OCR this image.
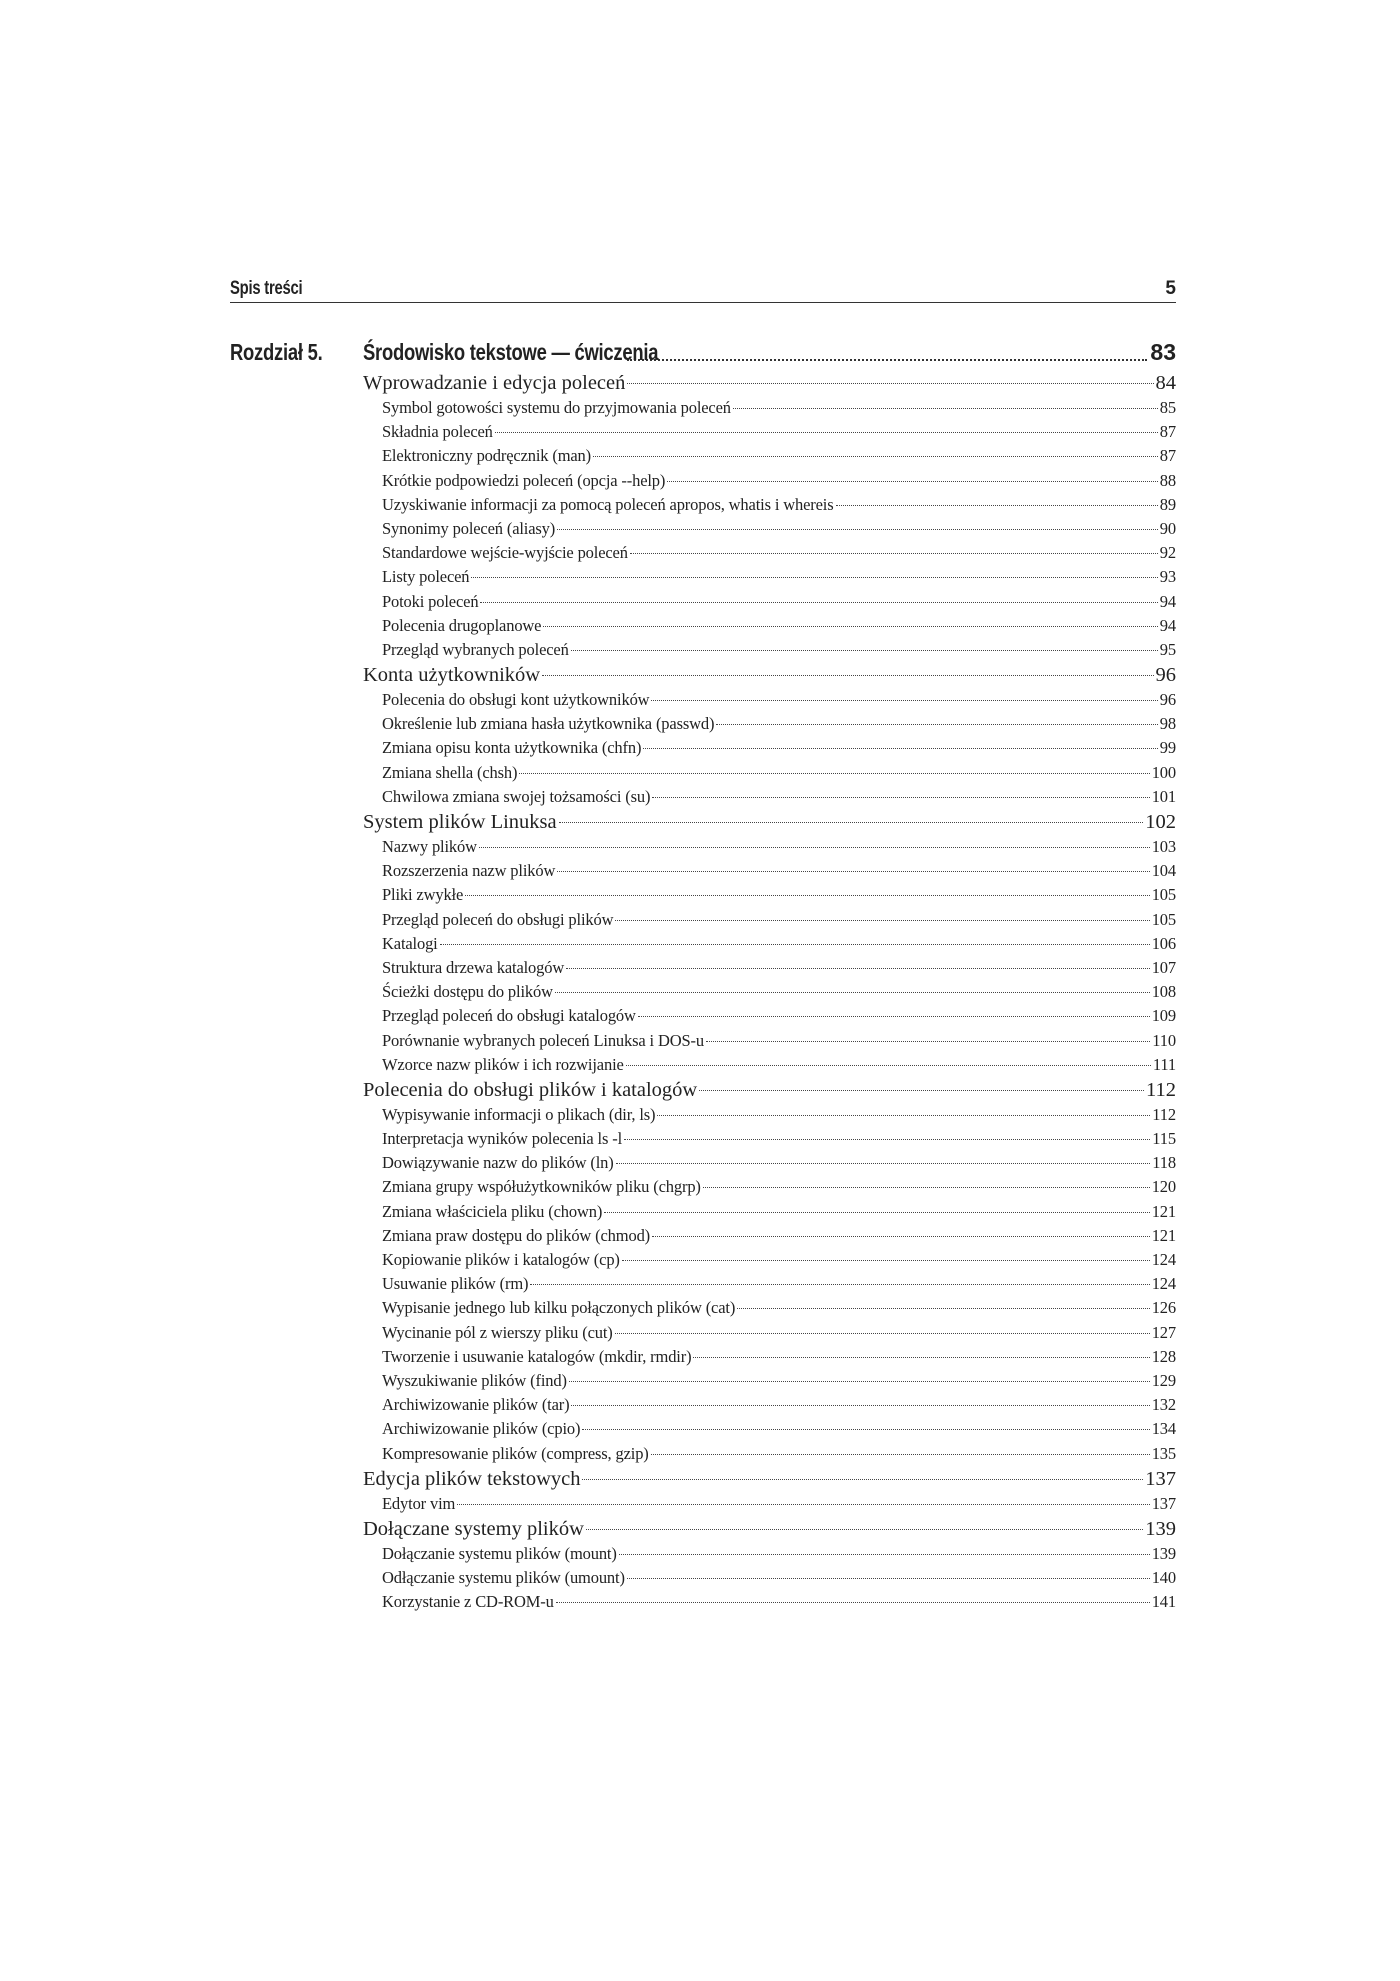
Spis treści	5
Rozdział 5.	Środowisko tekstowe — ćwiczenia	83
Wprowadzanie i edycja poleceń	84
Symbol gotowości systemu do przyjmowania poleceń	85
Składnia poleceń	87
Elektroniczny podręcznik (man)	87
Krótkie podpowiedzi poleceń (opcja --help)	88
Uzyskiwanie informacji za pomocą poleceń apropos, whatis i whereis	89
Synonimy poleceń (aliasy)	90
Standardowe wejście-wyjście poleceń	92
Listy poleceń	93
Potoki poleceń	94
Polecenia drugoplanowe	94
Przegląd wybranych poleceń	95
Konta użytkowników	96
Polecenia do obsługi kont użytkowników	96
Określenie lub zmiana hasła użytkownika (passwd)	98
Zmiana opisu konta użytkownika (chfn)	99
Zmiana shella (chsh)	100
Chwilowa zmiana swojej tożsamości (su)	101
System plików Linuksa	102
Nazwy plików	103
Rozszerzenia nazw plików	104
Pliki zwykłe	105
Przegląd poleceń do obsługi plików	105
Katalogi	106
Struktura drzewa katalogów	107
Ścieżki dostępu do plików	108
Przegląd poleceń do obsługi katalogów	109
Porównanie wybranych poleceń Linuksa i DOS-u	110
Wzorce nazw plików i ich rozwijanie	111
Polecenia do obsługi plików i katalogów	112
Wypisywanie informacji o plikach (dir, ls)	112
Interpretacja wyników polecenia ls -l	115
Dowiązywanie nazw do plików (ln)	118
Zmiana grupy współużytkowników pliku (chgrp)	120
Zmiana właściciela pliku (chown)	121
Zmiana praw dostępu do plików (chmod)	121
Kopiowanie plików i katalogów (cp)	124
Usuwanie plików (rm)	124
Wypisanie jednego lub kilku połączonych plików (cat)	126
Wycinanie pól z wierszy pliku (cut)	127
Tworzenie i usuwanie katalogów (mkdir, rmdir)	128
Wyszukiwanie plików (find)	129
Archiwizowanie plików (tar)	132
Archiwizowanie plików (cpio)	134
Kompresowanie plików (compress, gzip)	135
Edycja plików tekstowych	137
Edytor vim	137
Dołączane systemy plików	139
Dołączanie systemu plików (mount)	139
Odłączanie systemu plików (umount)	140
Korzystanie z CD-ROM-u	141
